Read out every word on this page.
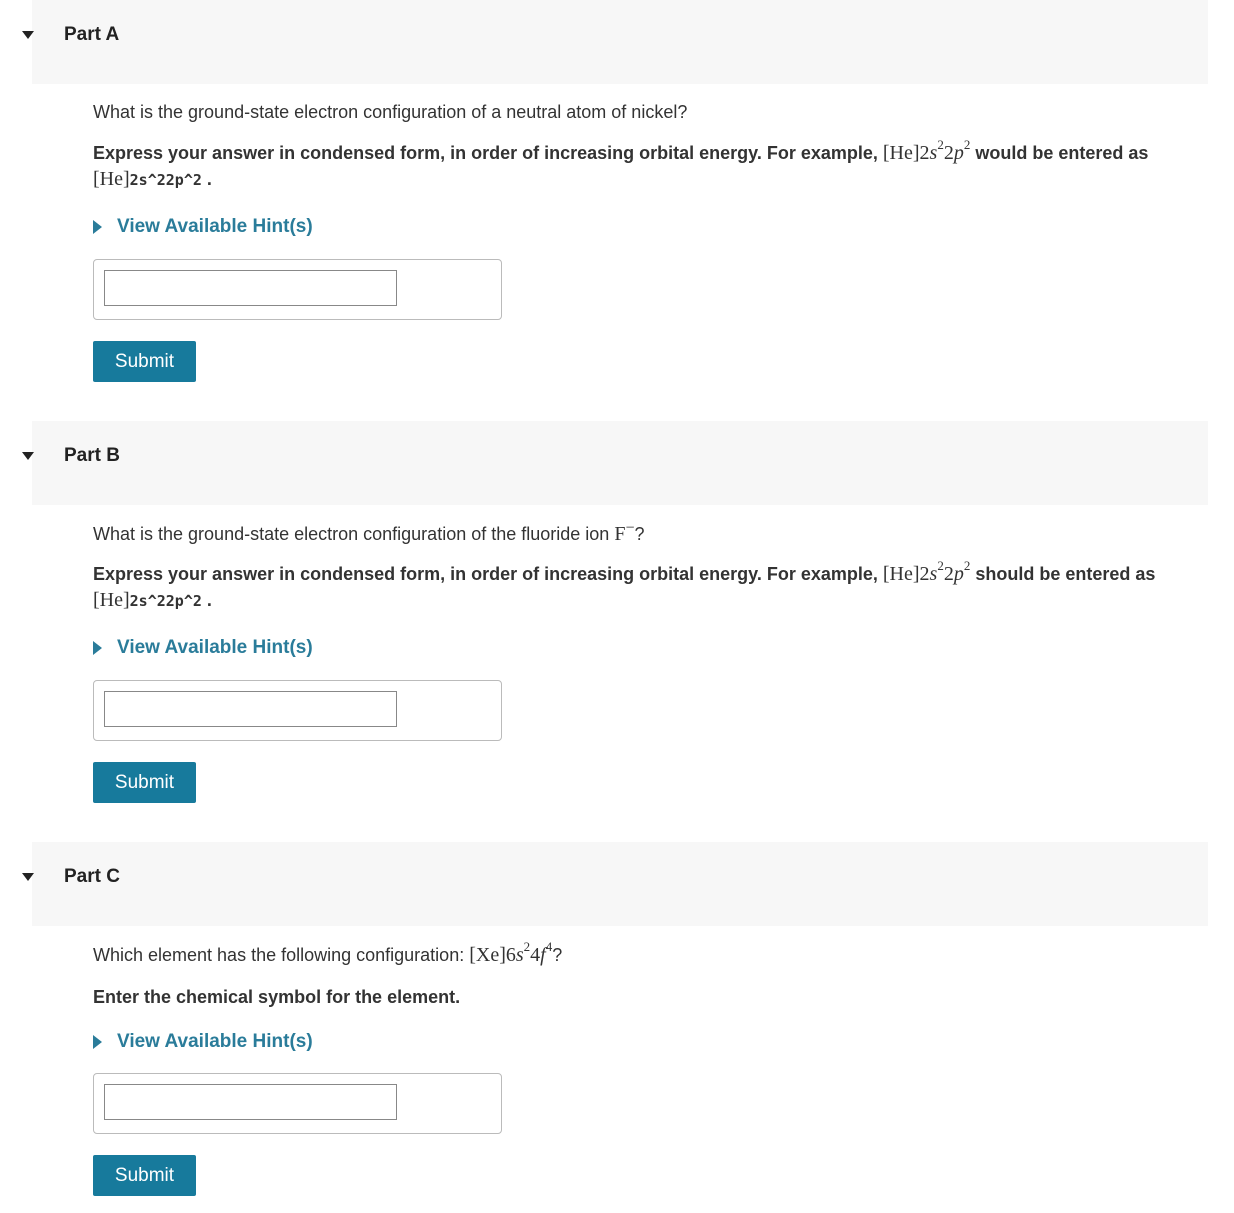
Part A
What is the ground-state electron configuration of a neutral atom of nickel?
Express your answer in condensed form, in order of increasing orbital energy. For example, $[He]2s^22p^2$ would be entered as [He]2s^22p^2 .
View Available Hint(s)
Submit
Part B
What is the ground-state electron configuration of the fluoride ion F−?
Express your answer in condensed form, in order of increasing orbital energy. For example, $[He]2s^22p^2$ should be entered as [He]2s^22p^2 .
View Available Hint(s)
Submit
Part C
Which element has the following configuration: $[Xe]6s^24f^4$?
Enter the chemical symbol for the element.
View Available Hint(s)
Submit
